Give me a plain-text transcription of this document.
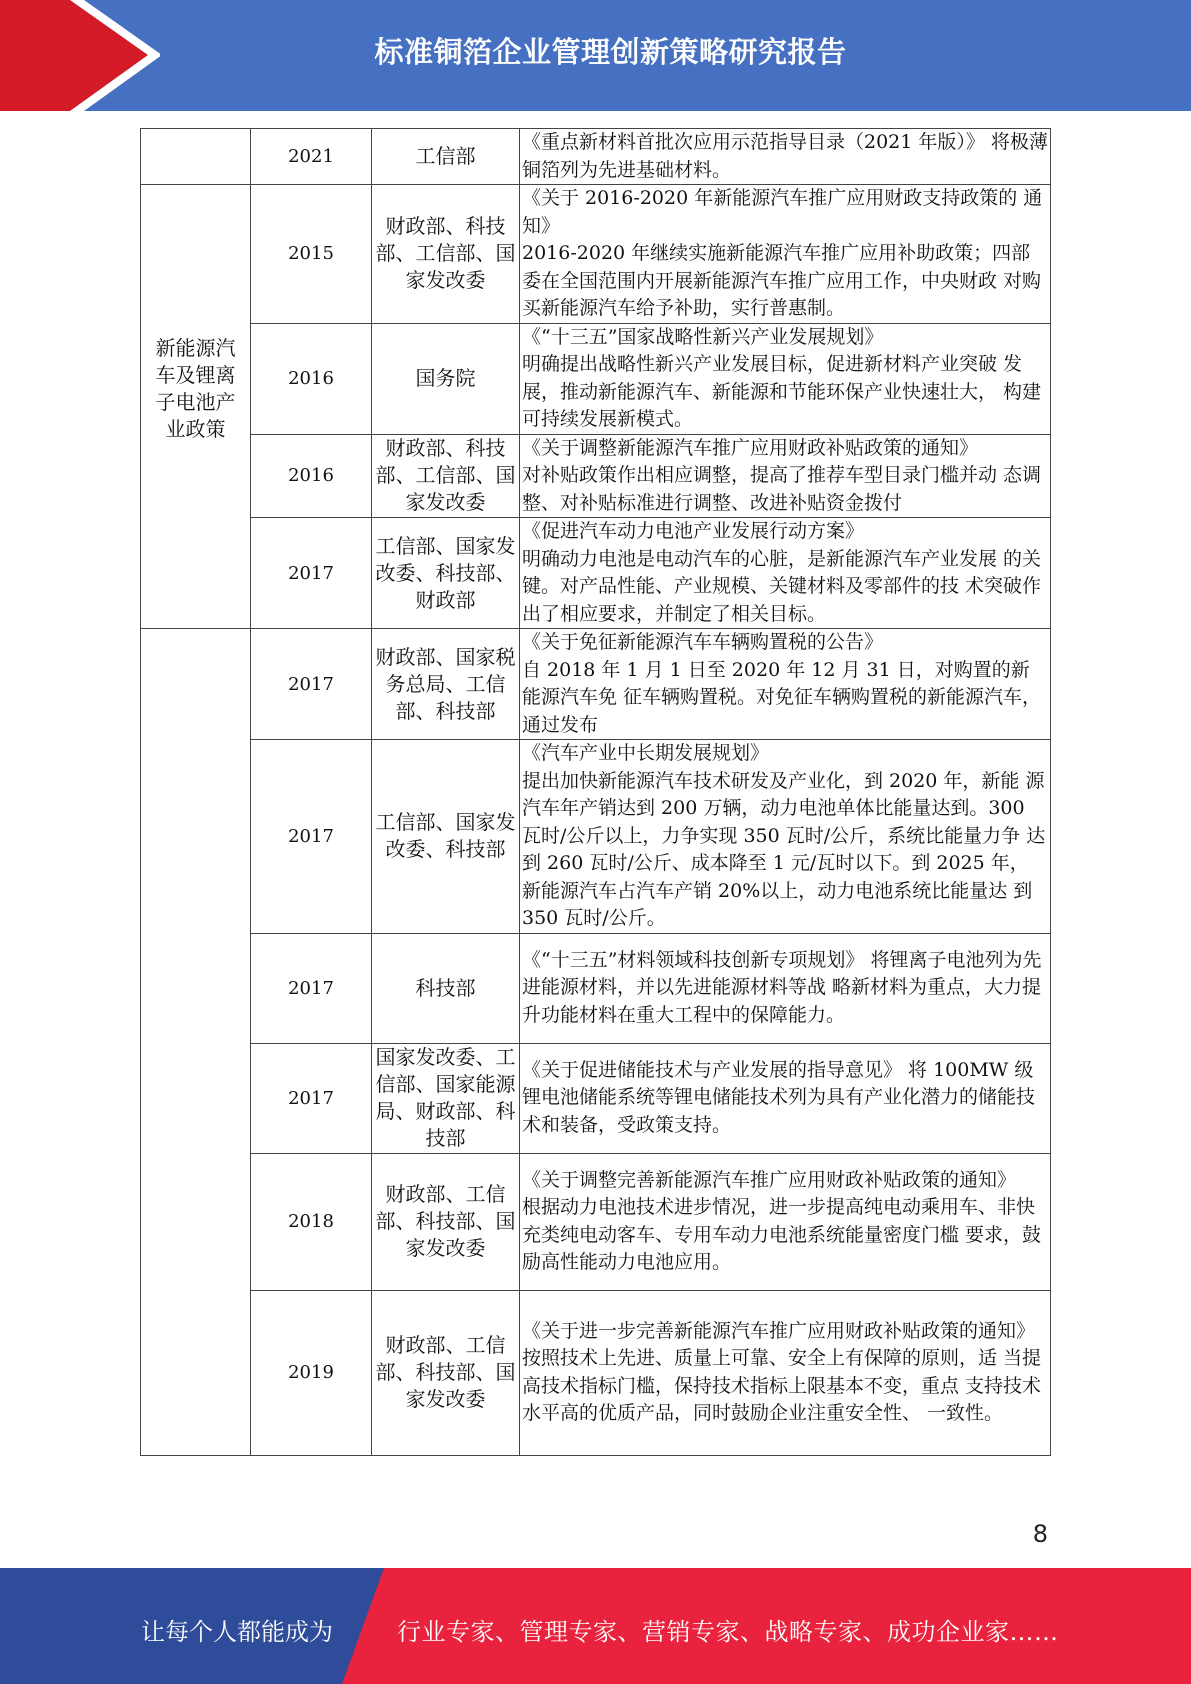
标准铜箔企业管理创新策略研究报告
	2021	工信部	《重点新材料首批次应用示范指导目录（2021 年版）》 将极薄铜箔列为先进基础材料。
新能源汽车及锂离子电池产业政策	2015	财政部、科技部、工信部、国 家发改委	《关于 2016-2020 年新能源汽车推广应用财政支持政策的 通知》
2016-2020 年继续实施新能源汽车推广应用补助政策；四部 委在全国范围内开展新能源汽车推广应用工作，中央财政 对购买新能源汽车给予补助，实行普惠制。
	2016	国务院	《“十三五”国家战略性新兴产业发展规划》
明确提出战略性新兴产业发展目标，促进新材料产业突破 发展，推动新能源汽车、新能源和节能环保产业快速壮大， 构建可持续发展新模式。
	2016	财政部、科技部、工信部、国 家发改委	《关于调整新能源汽车推广应用财政补贴政策的通知》
对补贴政策作出相应调整，提高了推荐车型目录门槛并动 态调整、对补贴标准进行调整、改进补贴资金拨付
	2017	工信部、国家发 改委、科技部、 财政部	《促进汽车动力电池产业发展行动方案》
明确动力电池是电动汽车的心脏，是新能源汽车产业发展 的关键。对产品性能、产业规模、关键材料及零部件的技 术突破作出了相应要求，并制定了相关目标。
	2017	财政部、国家税 务总局、工信 部、科技部	《关于免征新能源汽车车辆购置税的公告》
自 2018 年 1 月 1 日至 2020 年 12 月 31 日，对购置的新能源汽车免 征车辆购置税。对免征车辆购置税的新能源汽车，通过发布
	2017	工信部、国家发 改委、科技部	《汽车产业中长期发展规划》
提出加快新能源汽车技术研发及产业化，到 2020 年，新能 源汽车年产销达到 200 万辆，动力电池单体比能量达到。300 瓦时/公斤以上，力争实现 350 瓦时/公斤，系统比能量力争 达到 260 瓦时/公斤、成本降至 1 元/瓦时以下。到 2025 年， 新能源汽车占汽车产销 20%以上，动力电池系统比能量达 到 350 瓦时/公斤。
	2017	科技部	《“十三五”材料领域科技创新专项规划》 将锂离子电池列为先进能源材料，并以先进能源材料等战 略新材料为重点，大力提升功能材料在重大工程中的保障能力。
	2017	国家发改委、工 信部、国家能源 局、财政部、科 技部	《关于促进储能技术与产业发展的指导意见》 将 100MW 级锂电池储能系统等锂电储能技术列为具有产业化潜力的储能技术和装备，受政策支持。
	2018	财政部、工信部、科技部、国 家发改委	《关于调整完善新能源汽车推广应用财政补贴政策的通知》
根据动力电池技术进步情况，进一步提高纯电动乘用车、非快充类纯电动客车、专用车动力电池系统能量密度门槛 要求，鼓励高性能动力电池应用。
	2019	财政部、工信部、科技部、国 家发改委	《关于进一步完善新能源汽车推广应用财政补贴政策的通知》
按照技术上先进、质量上可靠、安全上有保障的原则，适 当提高技术指标门槛，保持技术指标上限基本不变，重点 支持技术水平高的优质产品，同时鼓励企业注重安全性、 一致性。
8
让每个人都能成为	行业专家、管理专家、营销专家、战略专家、成功企业家……
